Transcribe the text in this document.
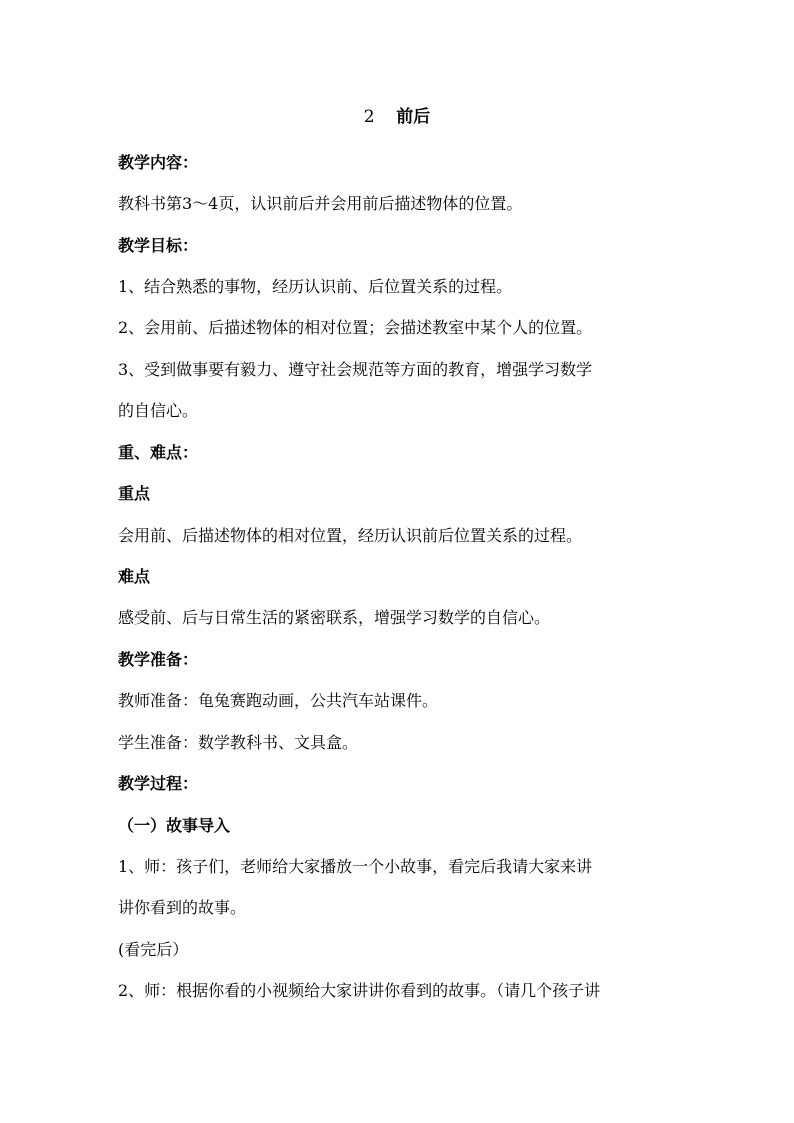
2 前后
教学内容：
教科书第3～4页，认识前后并会用前后描述物体的位置。
教学目标：
1、结合熟悉的事物，经历认识前、后位置关系的过程。
2、会用前、后描述物体的相对位置；会描述教室中某个人的位置。
3、受到做事要有毅力、遵守社会规范等方面的教育，增强学习数学
的自信心。
重、难点：
重点
会用前、后描述物体的相对位置，经历认识前后位置关系的过程。
难点
感受前、后与日常生活的紧密联系，增强学习数学的自信心。
教学准备：
教师准备：龟兔赛跑动画，公共汽车站课件。
学生准备：数学教科书、文具盒。
教学过程：
（一）故事导入
1、师：孩子们，老师给大家播放一个小故事，看完后我请大家来讲
讲你看到的故事。
(看完后）
2、师：根据你看的小视频给大家讲讲你看到的故事。（请几个孩子讲
